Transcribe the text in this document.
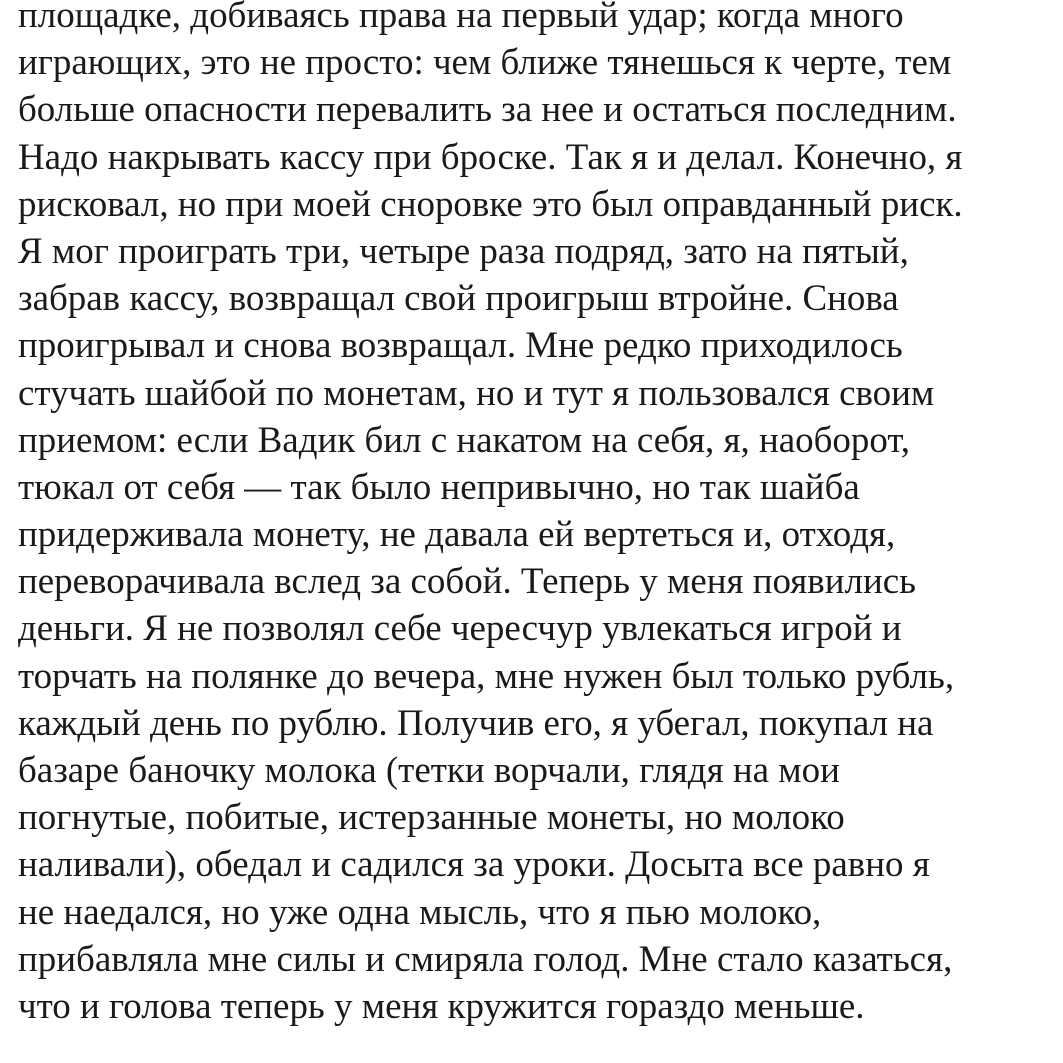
площадке, добиваясь права на первый удар; когда много
играющих, это не просто: чем ближе тянешься к черте, тем
больше опасности перевалить за нее и остаться последним.
Надо накрывать кассу при броске. Так я и делал. Конечно, я
рисковал, но при моей сноровке это был оправданный риск.
Я мог проиграть три, четыре раза подряд, зато на пятый,
забрав кассу, возвращал свой проигрыш втройне. Снова
проигрывал и снова возвращал. Мне редко приходилось
стучать шайбой по монетам, но и тут я пользовался своим
приемом: если Вадик бил с накатом на себя, я, наоборот,
тюкал от себя — так было непривычно, но так шайба
придерживала монету, не давала ей вертеться и, отходя,
переворачивала вслед за собой. Теперь у меня появились
деньги. Я не позволял себе чересчур увлекаться игрой и
торчать на полянке до вечера, мне нужен был только рубль,
каждый день по рублю. Получив его, я убегал, покупал на
базаре баночку молока (тетки ворчали, глядя на мои
погнутые, побитые, истерзанные монеты, но молоко
наливали), обедал и садился за уроки. Досыта все равно я
не наедался, но уже одна мысль, что я пью молоко,
прибавляла мне силы и смиряла голод. Мне стало казаться,
что и голова теперь у меня кружится гораздо меньше.
